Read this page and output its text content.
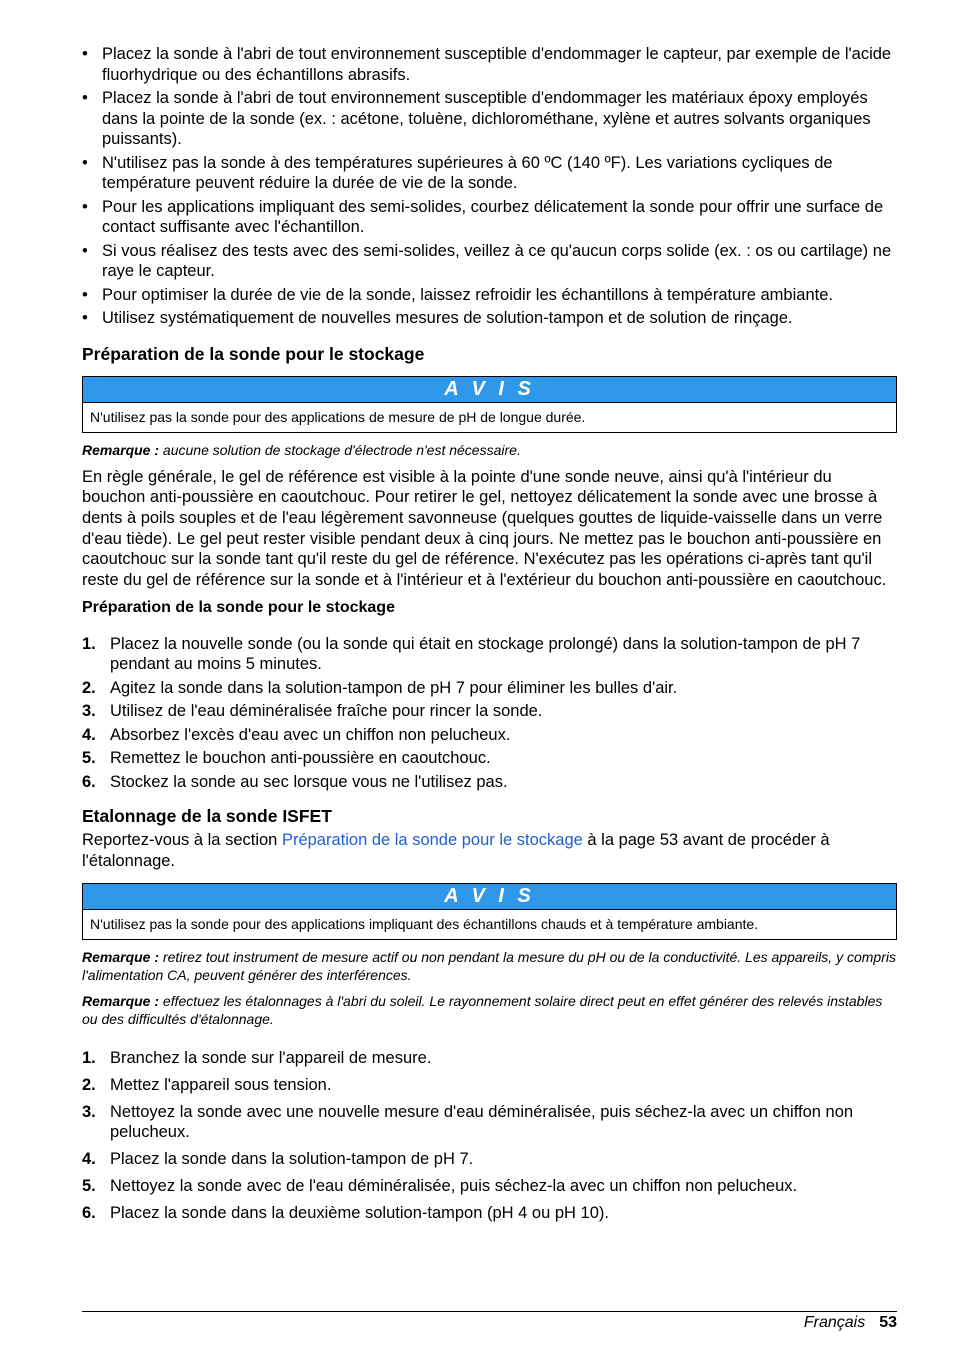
• Placez la sonde à l'abri de tout environnement susceptible d'endommager le capteur, par exemple de l'acide fluorhydrique ou des échantillons abrasifs.
• Placez la sonde à l'abri de tout environnement susceptible d'endommager les matériaux époxy employés dans la pointe de la sonde (ex. : acétone, toluène, dichlorométhane, xylène et autres solvants organiques puissants).
• N'utilisez pas la sonde à des températures supérieures à 60 ºC (140 ºF). Les variations cycliques de température peuvent réduire la durée de vie de la sonde.
• Pour les applications impliquant des semi-solides, courbez délicatement la sonde pour offrir une surface de contact suffisante avec l'échantillon.
• Si vous réalisez des tests avec des semi-solides, veillez à ce qu'aucun corps solide (ex. : os ou cartilage) ne raye le capteur.
• Pour optimiser la durée de vie de la sonde, laissez refroidir les échantillons à température ambiante.
• Utilisez systématiquement de nouvelles mesures de solution-tampon et de solution de rinçage.
Préparation de la sonde pour le stockage
A V I S
N'utilisez pas la sonde pour des applications de mesure de pH de longue durée.
Remarque : aucune solution de stockage d'électrode n'est nécessaire.

En règle générale, le gel de référence est visible à la pointe d'une sonde neuve, ainsi qu'à l'intérieur du bouchon anti-poussière en caoutchouc. Pour retirer le gel, nettoyez délicatement la sonde avec une brosse à dents à poils souples et de l'eau légèrement savonneuse (quelques gouttes de liquide-vaisselle dans un verre d'eau tiède). Le gel peut rester visible pendant deux à cinq jours. Ne mettez pas le bouchon anti-poussière en caoutchouc sur la sonde tant qu'il reste du gel de référence. N'exécutez pas les opérations ci-après tant qu'il reste du gel de référence sur la sonde et à l'intérieur et à l'extérieur du bouchon anti-poussière en caoutchouc.

Préparation de la sonde pour le stockage
1. Placez la nouvelle sonde (ou la sonde qui était en stockage prolongé) dans la solution-tampon de pH 7 pendant au moins 5 minutes.
2. Agitez la sonde dans la solution-tampon de pH 7 pour éliminer les bulles d'air.
3. Utilisez de l'eau déminéralisée fraîche pour rincer la sonde.
4. Absorbez l'excès d'eau avec un chiffon non pelucheux.
5. Remettez le bouchon anti-poussière en caoutchouc.
6. Stockez la sonde au sec lorsque vous ne l'utilisez pas.
Etalonnage de la sonde ISFET

Reportez-vous à la section Préparation de la sonde pour le stockage à la page 53 avant de procéder à l'étalonnage.

A V I S
N'utilisez pas la sonde pour des applications impliquant des échantillons chauds et à température ambiante.
Remarque : retirez tout instrument de mesure actif ou non pendant la mesure du pH ou de la conductivité. Les appareils, y compris l'alimentation CA, peuvent générer des interférences.
Remarque : effectuez les étalonnages à l'abri du soleil. Le rayonnement solaire direct peut en effet générer des relevés instables ou des difficultés d'étalonnage.
1. Branchez la sonde sur l'appareil de mesure.
2. Mettez l'appareil sous tension.
3. Nettoyez la sonde avec une nouvelle mesure d'eau déminéralisée, puis séchez-la avec un chiffon non pelucheux.
4. Placez la sonde dans la solution-tampon de pH 7.
5. Nettoyez la sonde avec de l'eau déminéralisée, puis séchez-la avec un chiffon non pelucheux.
6. Placez la sonde dans la deuxième solution-tampon (pH 4 ou pH 10).
Français 53
